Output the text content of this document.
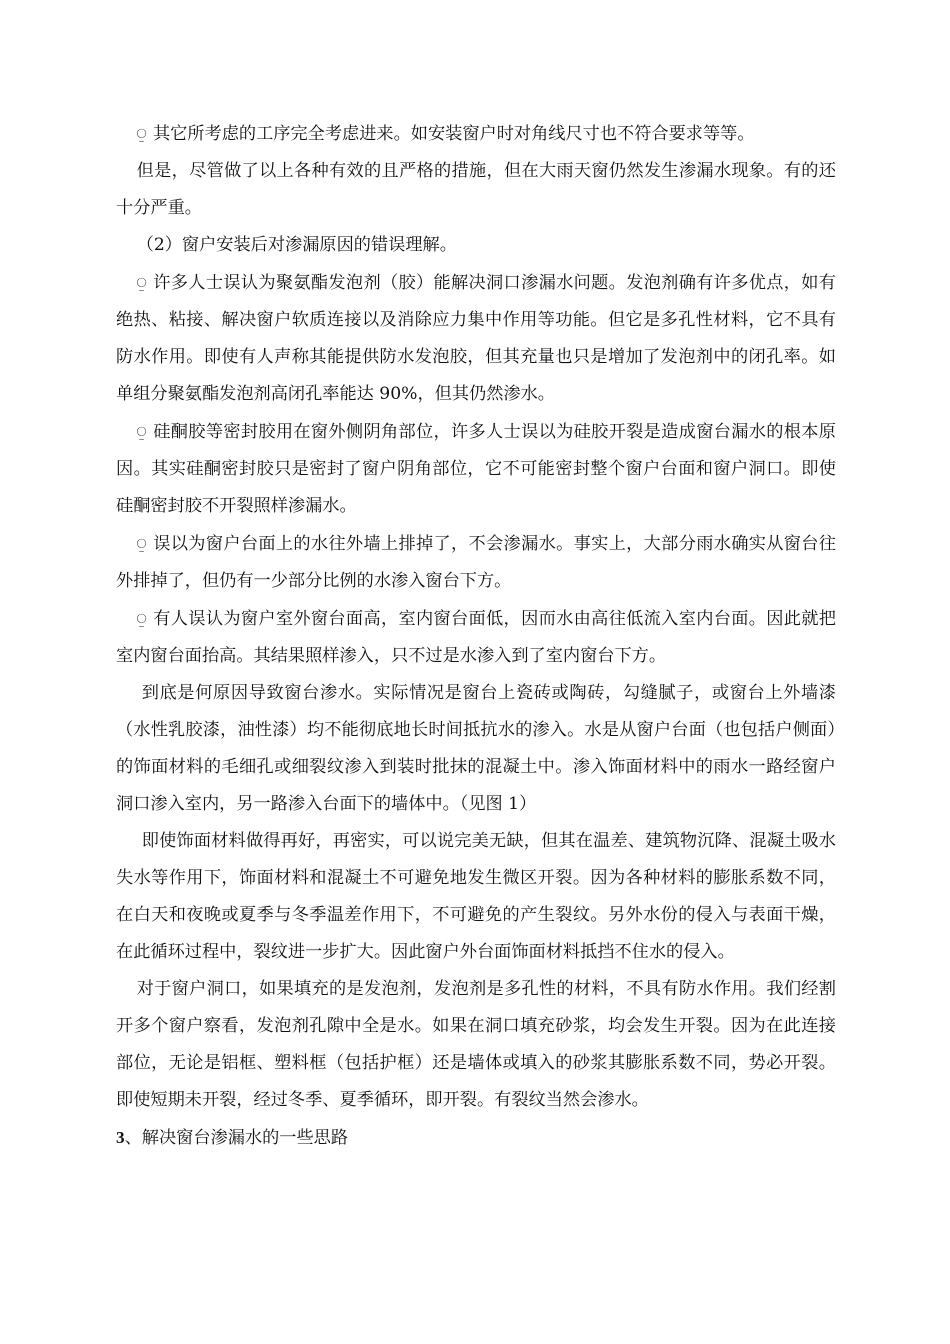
⍜ 其它所考虑的工序完全考虑进来。如安装窗户时对角线尺寸也不符合要求等等。

但是，尽管做了以上各种有效的且严格的措施，但在大雨天窗仍然发生渗漏水现象。有的还十分严重。

（2）窗户安装后对渗漏原因的错误理解。

⍜ 许多人士误认为聚氨酯发泡剂（胶）能解决洞口渗漏水问题。发泡剂确有许多优点，如有绝热、粘接、解决窗户软质连接以及消除应力集中作用等功能。但它是多孔性材料，它不具有防水作用。即使有人声称其能提供防水发泡胶，但其充量也只是增加了发泡剂中的闭孔率。如单组分聚氨酯发泡剂高闭孔率能达 90%，但其仍然渗水。

⍜ 硅酮胶等密封胶用在窗外侧阴角部位，许多人士误以为硅胶开裂是造成窗台漏水的根本原因。其实硅酮密封胶只是密封了窗户阴角部位，它不可能密封整个窗户台面和窗户洞口。即使硅酮密封胶不开裂照样渗漏水。

⍜ 误以为窗户台面上的水往外墙上排掉了，不会渗漏水。事实上，大部分雨水确实从窗台往外排掉了，但仍有一少部分比例的水渗入窗台下方。

⍜ 有人误认为窗户室外窗台面高，室内窗台面低，因而水由高往低流入室内台面。因此就把室内窗台面抬高。其结果照样渗入，只不过是水渗入到了室内窗台下方。

到底是何原因导致窗台渗水。实际情况是窗台上瓷砖或陶砖，勾缝腻子，或窗台上外墙漆（水性乳胶漆，油性漆）均不能彻底地长时间抵抗水的渗入。水是从窗户台面（也包括户侧面）的饰面材料的毛细孔或细裂纹渗入到装时批抹的混凝土中。渗入饰面材料中的雨水一路经窗户洞口渗入室内，另一路渗入台面下的墙体中。（见图 1）

即使饰面材料做得再好，再密实，可以说完美无缺，但其在温差、建筑物沉降、混凝土吸水失水等作用下，饰面材料和混凝土不可避免地发生微区开裂。因为各种材料的膨胀系数不同，在白天和夜晚或夏季与冬季温差作用下，不可避免的产生裂纹。另外水份的侵入与表面干燥，在此循环过程中，裂纹进一步扩大。因此窗户外台面饰面材料抵挡不住水的侵入。

对于窗户洞口，如果填充的是发泡剂，发泡剂是多孔性的材料，不具有防水作用。我们经割开多个窗户察看，发泡剂孔隙中全是水。如果在洞口填充砂浆，均会发生开裂。因为在此连接部位，无论是铝框、塑料框（包括护框）还是墙体或填入的砂浆其膨胀系数不同，势必开裂。即使短期未开裂，经过冬季、夏季循环，即开裂。有裂纹当然会渗水。

3、解决窗台渗漏水的一些思路
